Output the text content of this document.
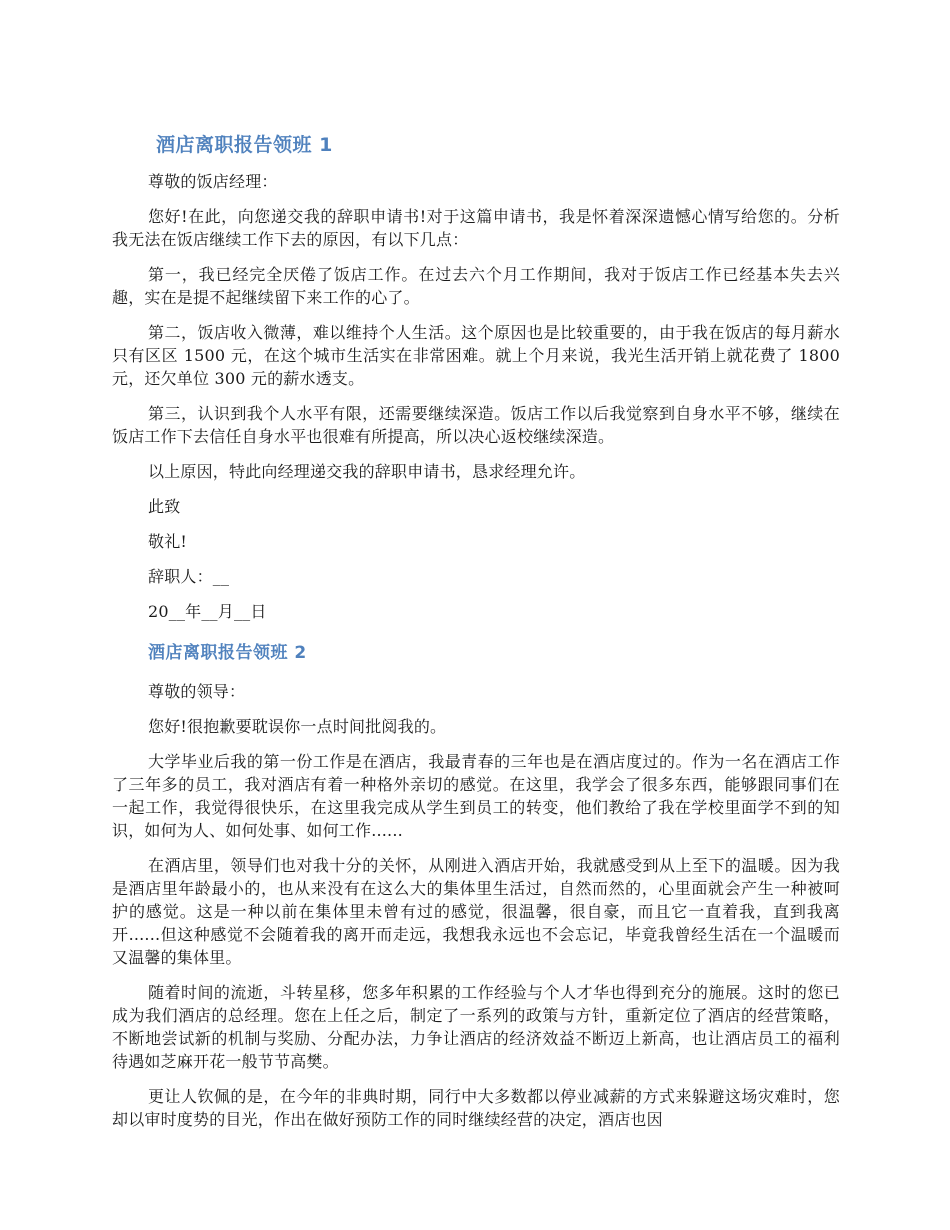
酒店离职报告领班 1

尊敬的饭店经理：

您好!在此，向您递交我的辞职申请书!对于这篇申请书，我是怀着深深遗憾心情写给您的。分析我无法在饭店继续工作下去的原因，有以下几点：

第一，我已经完全厌倦了饭店工作。在过去六个月工作期间，我对于饭店工作已经基本失去兴趣，实在是提不起继续留下来工作的心了。

第二，饭店收入微薄，难以维持个人生活。这个原因也是比较重要的，由于我在饭店的每月薪水只有区区 1500 元，在这个城市生活实在非常困难。就上个月来说，我光生活开销上就花费了 1800 元，还欠单位 300 元的薪水透支。

第三，认识到我个人水平有限，还需要继续深造。饭店工作以后我觉察到自身水平不够，继续在饭店工作下去信任自身水平也很难有所提高，所以决心返校继续深造。

以上原因，特此向经理递交我的辞职申请书，恳求经理允许。

此致

敬礼!

辞职人：__

20__年__月__日

酒店离职报告领班 2

尊敬的领导：

您好!很抱歉要耽误你一点时间批阅我的。

大学毕业后我的第一份工作是在酒店，我最青春的三年也是在酒店度过的。作为一名在酒店工作了三年多的员工，我对酒店有着一种格外亲切的感觉。在这里，我学会了很多东西，能够跟同事们在一起工作，我觉得很快乐，在这里我完成从学生到员工的转变，他们教给了我在学校里面学不到的知识，如何为人、如何处事、如何工作......

在酒店里，领导们也对我十分的关怀，从刚进入酒店开始，我就感受到从上至下的温暖。因为我是酒店里年龄最小的，也从来没有在这么大的集体里生活过，自然而然的，心里面就会产生一种被呵护的感觉。这是一种以前在集体里未曾有过的感觉，很温馨，很自豪，而且它一直着我，直到我离开......但这种感觉不会随着我的离开而走远，我想我永远也不会忘记，毕竟我曾经生活在一个温暖而又温馨的集体里。

随着时间的流逝，斗转星移，您多年积累的工作经验与个人才华也得到充分的施展。这时的您已成为我们酒店的总经理。您在上任之后，制定了一系列的政策与方针，重新定位了酒店的经营策略，不断地尝试新的机制与奖励、分配办法，力争让酒店的经济效益不断迈上新高，也让酒店员工的福利待遇如芝麻开花一般节节高樊。

更让人钦佩的是，在今年的非典时期，同行中大多数都以停业减薪的方式来躲避这场灾难时，您却以审时度势的目光，作出在做好预防工作的同时继续经营的决定，酒店也因
